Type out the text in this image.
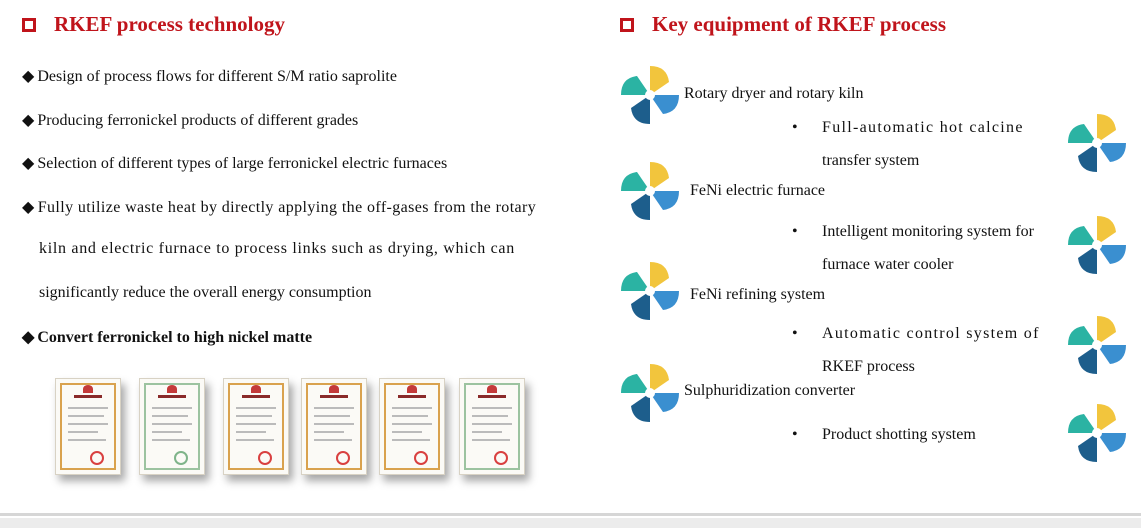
RKEF process technology
◆ Design of process flows for different S/M ratio saprolite
◆ Producing ferronickel products of different grades
◆ Selection of different types of large ferronickel electric furnaces
◆ Fully utilize waste heat by directly applying the off-gases from the rotary
kiln and electric furnace to process links such as drying, which can
significantly reduce the overall energy consumption
◆ Convert ferronickel to high nickel matte
Key equipment of RKEF process
Rotary dryer and rotary kiln
FeNi electric furnace
FeNi refining system
Sulphuridization converter
• Full-automatic hot calcine
transfer system
• Intelligent monitoring system for
furnace water cooler
• Automatic control system of
RKEF process
• Product shotting system
